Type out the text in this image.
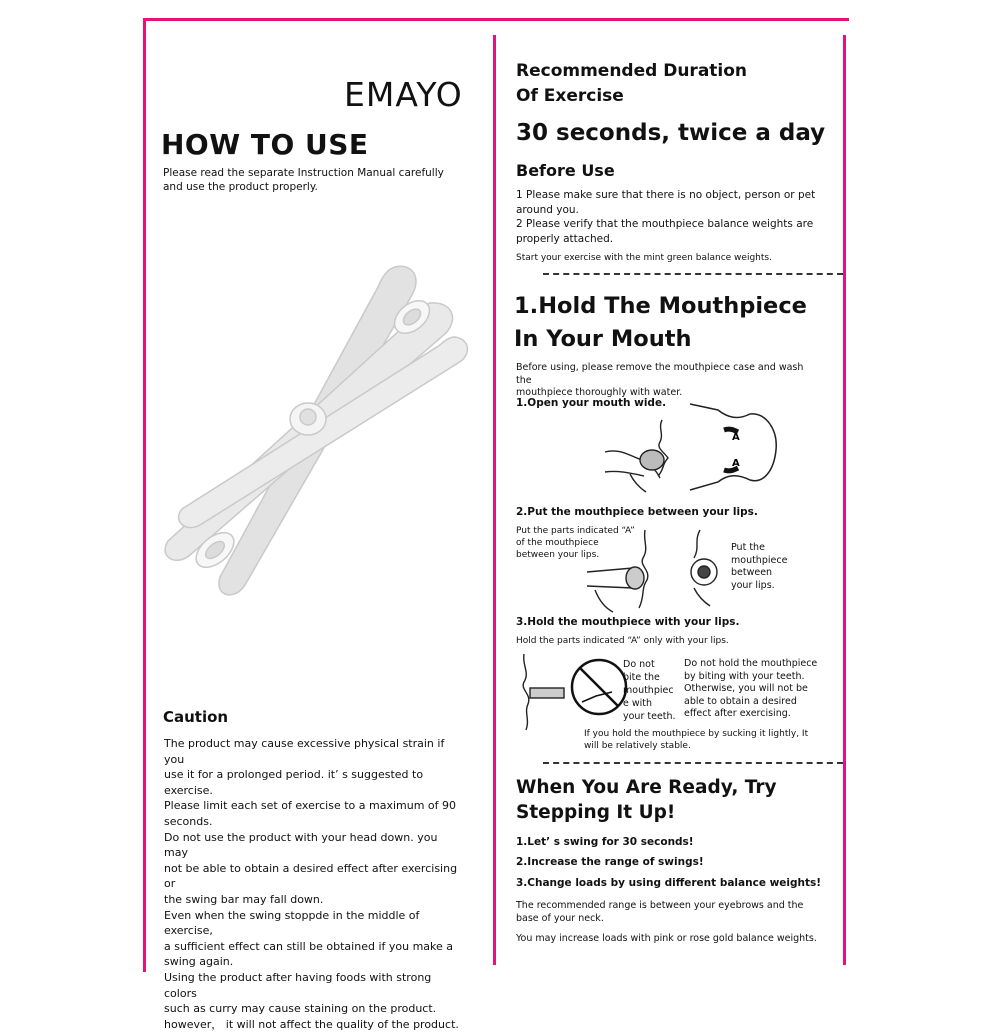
EMAYO
HOW TO USE
Please read the separate Instruction Manual carefully and use the product properly.
Caution
The product may cause excessive physical strain if you
use it for a prolonged period. it’ s suggested to exercise.
Please limit each set of exercise to a maximum of 90
seconds.
Do not use the product with your head down. you may
not be able to obtain a desired effect after exercising or
the swing bar may fall down.
Even when the swing stoppde in the middle of exercise,
a sufficient effect can still be obtained if you make a
swing again.
Using the product after having foods with strong colors
such as curry may cause staining on the product.
however， it will not affect the quality of the product.
Recommended Duration
Of Exercise
30 seconds, twice a day
Before Use
1 Please make sure that there is no object, person or pet
around you.
2 Please verify that the mouthpiece balance weights are
properly attached.
Start your exercise with the mint green balance weights.
1.Hold The Mouthpiece
In Your Mouth
Before using, please remove the mouthpiece case and wash the
mouthpiece thoroughly with water.
1.Open your mouth wide.
A
A
2.Put the mouthpiece between your lips.
Put the parts indicated “A”
of the mouthpiece
between your lips.
Put the
mouthpiece
between
your lips.
3.Hold the mouthpiece with your lips.
Hold the parts indicated “A” only with your lips.
Do not
bite the
mouthpiec
e with
your teeth.
Do not hold the mouthpiece
by biting with your teeth.
Otherwise, you will not be
able to obtain a desired
effect after exercising.
If you hold the mouthpiece by sucking it lightly, It
will be relatively stable.
When You Are Ready, Try
Stepping It Up!
1.Let’ s swing for 30 seconds!
2.Increase the range of swings!
3.Change loads by using different balance weights!
The recommended range is between your eyebrows and the
base of your neck.
You may increase loads with pink or rose gold balance weights.
